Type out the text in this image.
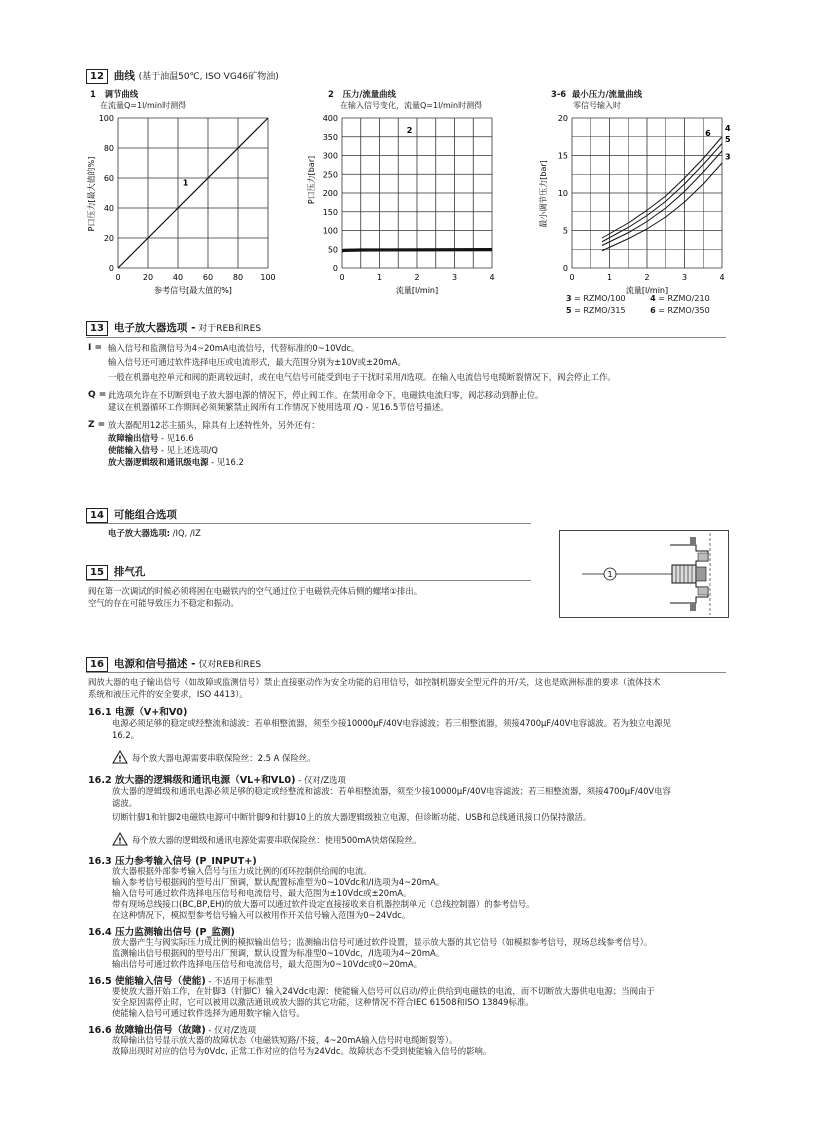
12 曲线 (基于油温50℃, ISO VG46矿物油)
1 调节曲线
在流量Q=1l/min时测得
100
80
60
40
20
0
0	20 40 60 80 100
P口压力[最大值的%]
参考信号[最大值的%]
1
2 压力/流量曲线
在输入信号变化，流量Q=1l/min时测得
400
350
300
250
200
150
100
50
0
0	1	2	3	4
P口压力[bar]
流量[l/min]
2
3-6 最小压力/流量曲线
零信号输入时
20
15
10
5
0
0	1	2	3	4
最小调节压力[bar]
流量[l/min]
6
4
5
3
3 = RZMO/100	4 = RZMO/210
5 = RZMO/315	6 = RZMO/350
13 电子放大器选项 - 对于REB和RES
I = 输入信号和监测信号为4~20mA电流信号，代替标准的0~10Vdc。
输入信号还可通过软件选择电压或电流形式，最大范围分别为±10V或±20mA。
一般在机器电控单元和阀的距离较远时，或在电气信号可能受到电子干扰时采用/I选项。在输入电流信号电缆断裂情况下，阀会停止工作。
Q = 此选项允许在不切断到电子放大器电源的情况下，停止阀工作。在禁用命令下，电磁铁电流归零，阀芯移动到静止位。
建议在机器循环工作期间必须频繁禁止阀所有工作情况下使用选项 /Q - 见16.5节信号描述。
Z = 放大器配用12芯主插头，除具有上述特性外，另外还有：
故障输出信号 - 见16.6
使能输入信号 - 见上述选项/Q
放大器逻辑级和通讯级电源 - 见16.2
14 可能组合选项
电子放大器选项: /IQ, /IZ
15 排气孔
阀在第一次调试的时候必须将困在电磁铁内的空气通过位于电磁铁壳体后侧的螺堵①排出。
空气的存在可能导致压力不稳定和振动。
1
16 电源和信号描述 - 仅对REB和RES
阀放大器的电子输出信号（如故障或监测信号）禁止直接驱动作为安全功能的启用信号，如控制机器安全型元件的开/关，这也是欧洲标准的要求（流体技术
系统和液压元件的安全要求，ISO 4413）。
16.1 电源（V+和V0)
电源必须足够的稳定或经整流和滤波：若单相整流器，须至少接10000μF/40V电容滤波；若三相整流器，须接4700μF/40V电容滤波。若为独立电源见
16.2。
! 每个放大器电源需要串联保险丝：2.5 A 保险丝。
16.2 放大器的逻辑级和通讯电源（VL+和VL0) - 仅对/Z选项
放大器的逻辑级和通讯电源必须足够的稳定或经整流和滤波：若单相整流器，须至少接10000μF/40V电容滤波；若三相整流器，须接4700μF/40V电容
滤波。
切断针脚1和针脚2电磁铁电源可中断针脚9和针脚10上的放大器逻辑级独立电源，但诊断功能、USB和总线通讯接口仍保持激活。
! 每个放大器的逻辑级和通讯电源处需要串联保险丝：使用500mA快熔保险丝。
16.3 压力参考输入信号 (P_INPUT+)
放大器根据外部参考输入信号与压力成比例的闭环控制供给阀的电流。
输入参考信号根据阀的型号出厂预调，默认配置标准型为0~10Vdc和/I选项为4~20mA。
输入信号可通过软件选择电压信号和电流信号，最大范围为±10Vdc或±20mA。
带有现场总线接口(BC,BP,EH)的放大器可以通过软件设定直接接收来自机器控制单元（总线控制器）的参考信号。
在这种情况下，模拟型参考信号输入可以被用作开关信号输入范围为0~24Vdc。
16.4 压力监测输出信号 (P_监测)
放大器产生与阀实际压力成比例的模拟输出信号；监测输出信号可通过软件设置，显示放大器的其它信号（如模拟参考信号，现场总线参考信号）。
监测输出信号根据阀的型号出厂预调，默认设置为标准型0~10Vdc，/I选项为4~20mA。
输出信号可通过软件选择电压信号和电流信号，最大范围为0~10Vdc或0~20mA。
16.5 使能输入信号（使能) - 不适用于标准型
要使放大器开始工作，在针脚3（针脚C）输入24Vdc电源：使能输入信号可以启动/停止供给到电磁铁的电流，而不切断放大器供电电源；当阀由于
安全原因需停止时，它可以被用以激活通讯或放大器的其它功能，这种情况不符合IEC 61508和ISO 13849标准。
使能输入信号可通过软件选择为通用数字输入信号。
16.6 故障输出信号（故障) - 仅对/Z选项
故障输出信号显示放大器的故障状态（电磁铁短路/不接，4~20mA输入信号时电缆断裂等）。
故障出现时对应的信号为0Vdc, 正常工作对应的信号为24Vdc。故障状态不受到使能输入信号的影响。
